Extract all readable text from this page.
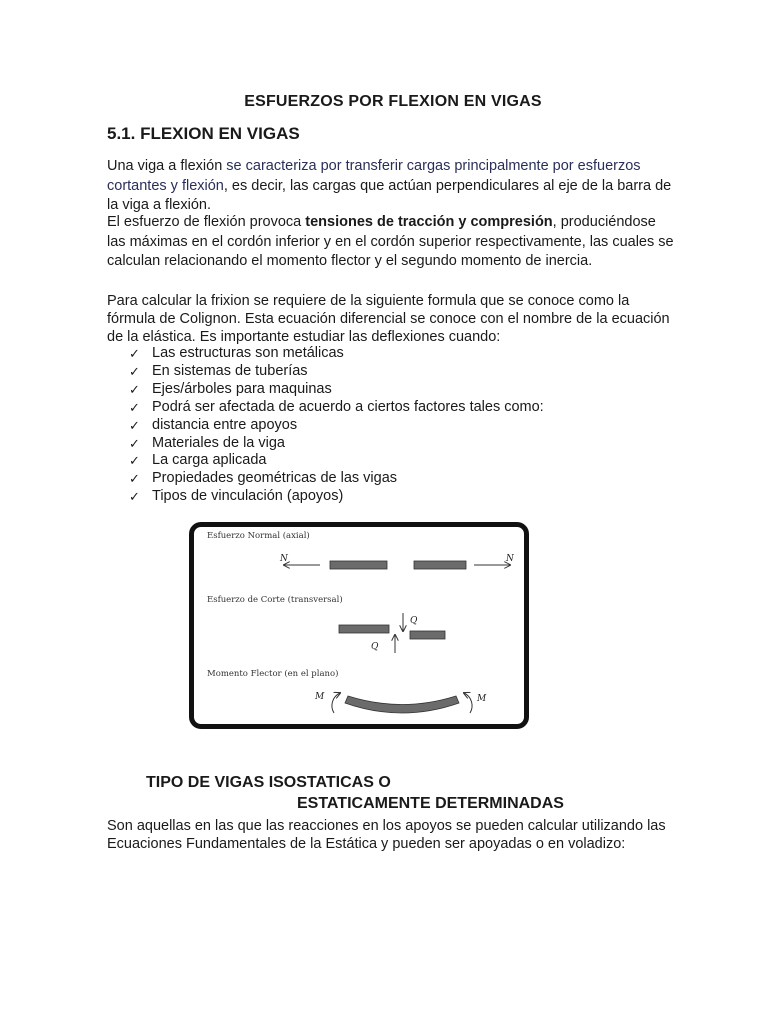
ESFUERZOS POR FLEXION EN VIGAS
5.1. FLEXION EN VIGAS
Una viga a flexión se caracteriza por transferir cargas principalmente por esfuerzos cortantes y flexión, es decir, las cargas que actúan perpendiculares al eje de la barra de la viga a flexión.
El esfuerzo de flexión provoca tensiones de tracción y compresión, produciéndose las máximas en el cordón inferior y en el cordón superior respectivamente, las cuales se calculan relacionando el momento flector y el segundo momento de inercia.
Para calcular la frixion se requiere de la siguiente formula que se conoce como la fórmula de Colignon. Esta ecuación diferencial se conoce con el nombre de la ecuación de la elástica. Es importante estudiar las deflexiones cuando:
✓ Las estructuras son metálicas
✓ En sistemas de tuberías
✓ Ejes/árboles para maquinas
✓ Podrá ser afectada de acuerdo a ciertos factores tales como:
✓ distancia entre apoyos
✓ Materiales de la viga
✓ La carga aplicada
✓ Propiedades geométricas de las vigas
✓ Tipos de vinculación (apoyos)
Esfuerzo Normal (axial)
N	N
Esfuerzo de Corte (transversal)
Q
Q
Momento Flector (en el plano)
M	M
TIPO DE VIGAS ISOSTATICAS O
ESTATICAMENTE DETERMINADAS
Son aquellas en las que las reacciones en los apoyos se pueden calcular utilizando las Ecuaciones Fundamentales de la Estática y pueden ser apoyadas o en voladizo:
